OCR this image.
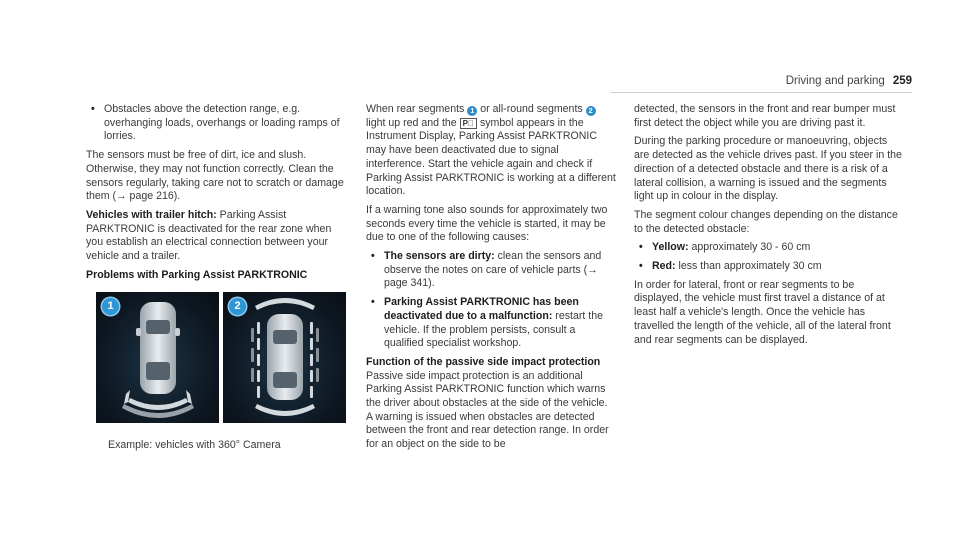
Driving and parking 259

• Obstacles above the detection range, e.g. overhanging loads, overhangs or loading ramps of lorries.

The sensors must be free of dirt, ice and slush. Otherwise, they may not function correctly. Clean the sensors regularly, taking care not to scratch or damage them (→ page 216).

Vehicles with trailer hitch: Parking Assist PARKTRONIC is deactivated for the rear zone when you establish an electrical connection between your vehicle and a trailer.

Problems with Parking Assist PARKTRONIC

1	2
Example: vehicles with 360° Camera

When rear segments 1 or all-round segments 2 light up red and the P⃠ symbol appears in the Instrument Display, Parking Assist PARKTRONIC may have been deactivated due to signal interference. Start the vehicle again and check if Parking Assist PARKTRONIC is working at a different location.

If a warning tone also sounds for approximately two seconds every time the vehicle is started, it may be due to one of the following causes:

• The sensors are dirty: clean the sensors and observe the notes on care of vehicle parts (→ page 341).

• Parking Assist PARKTRONIC has been deactivated due to a malfunction: restart the vehicle. If the problem persists, consult a qualified specialist workshop.

Function of the passive side impact protection

Passive side impact protection is an additional Parking Assist PARKTRONIC function which warns the driver about obstacles at the side of the vehicle. A warning is issued when obstacles are detected between the front and rear detection range. In order for an object on the side to be

detected, the sensors in the front and rear bumper must first detect the object while you are driving past it.

During the parking procedure or manoeuvring, objects are detected as the vehicle drives past. If you steer in the direction of a detected obstacle and there is a risk of a lateral collision, a warning is issued and the segments light up in colour in the display.

The segment colour changes depending on the distance to the detected obstacle:

• Yellow: approximately 30 - 60 cm

• Red: less than approximately 30 cm

In order for lateral, front or rear segments to be displayed, the vehicle must first travel a distance of at least half a vehicle's length. Once the vehicle has travelled the length of the vehicle, all of the lateral front and rear segments can be displayed.
